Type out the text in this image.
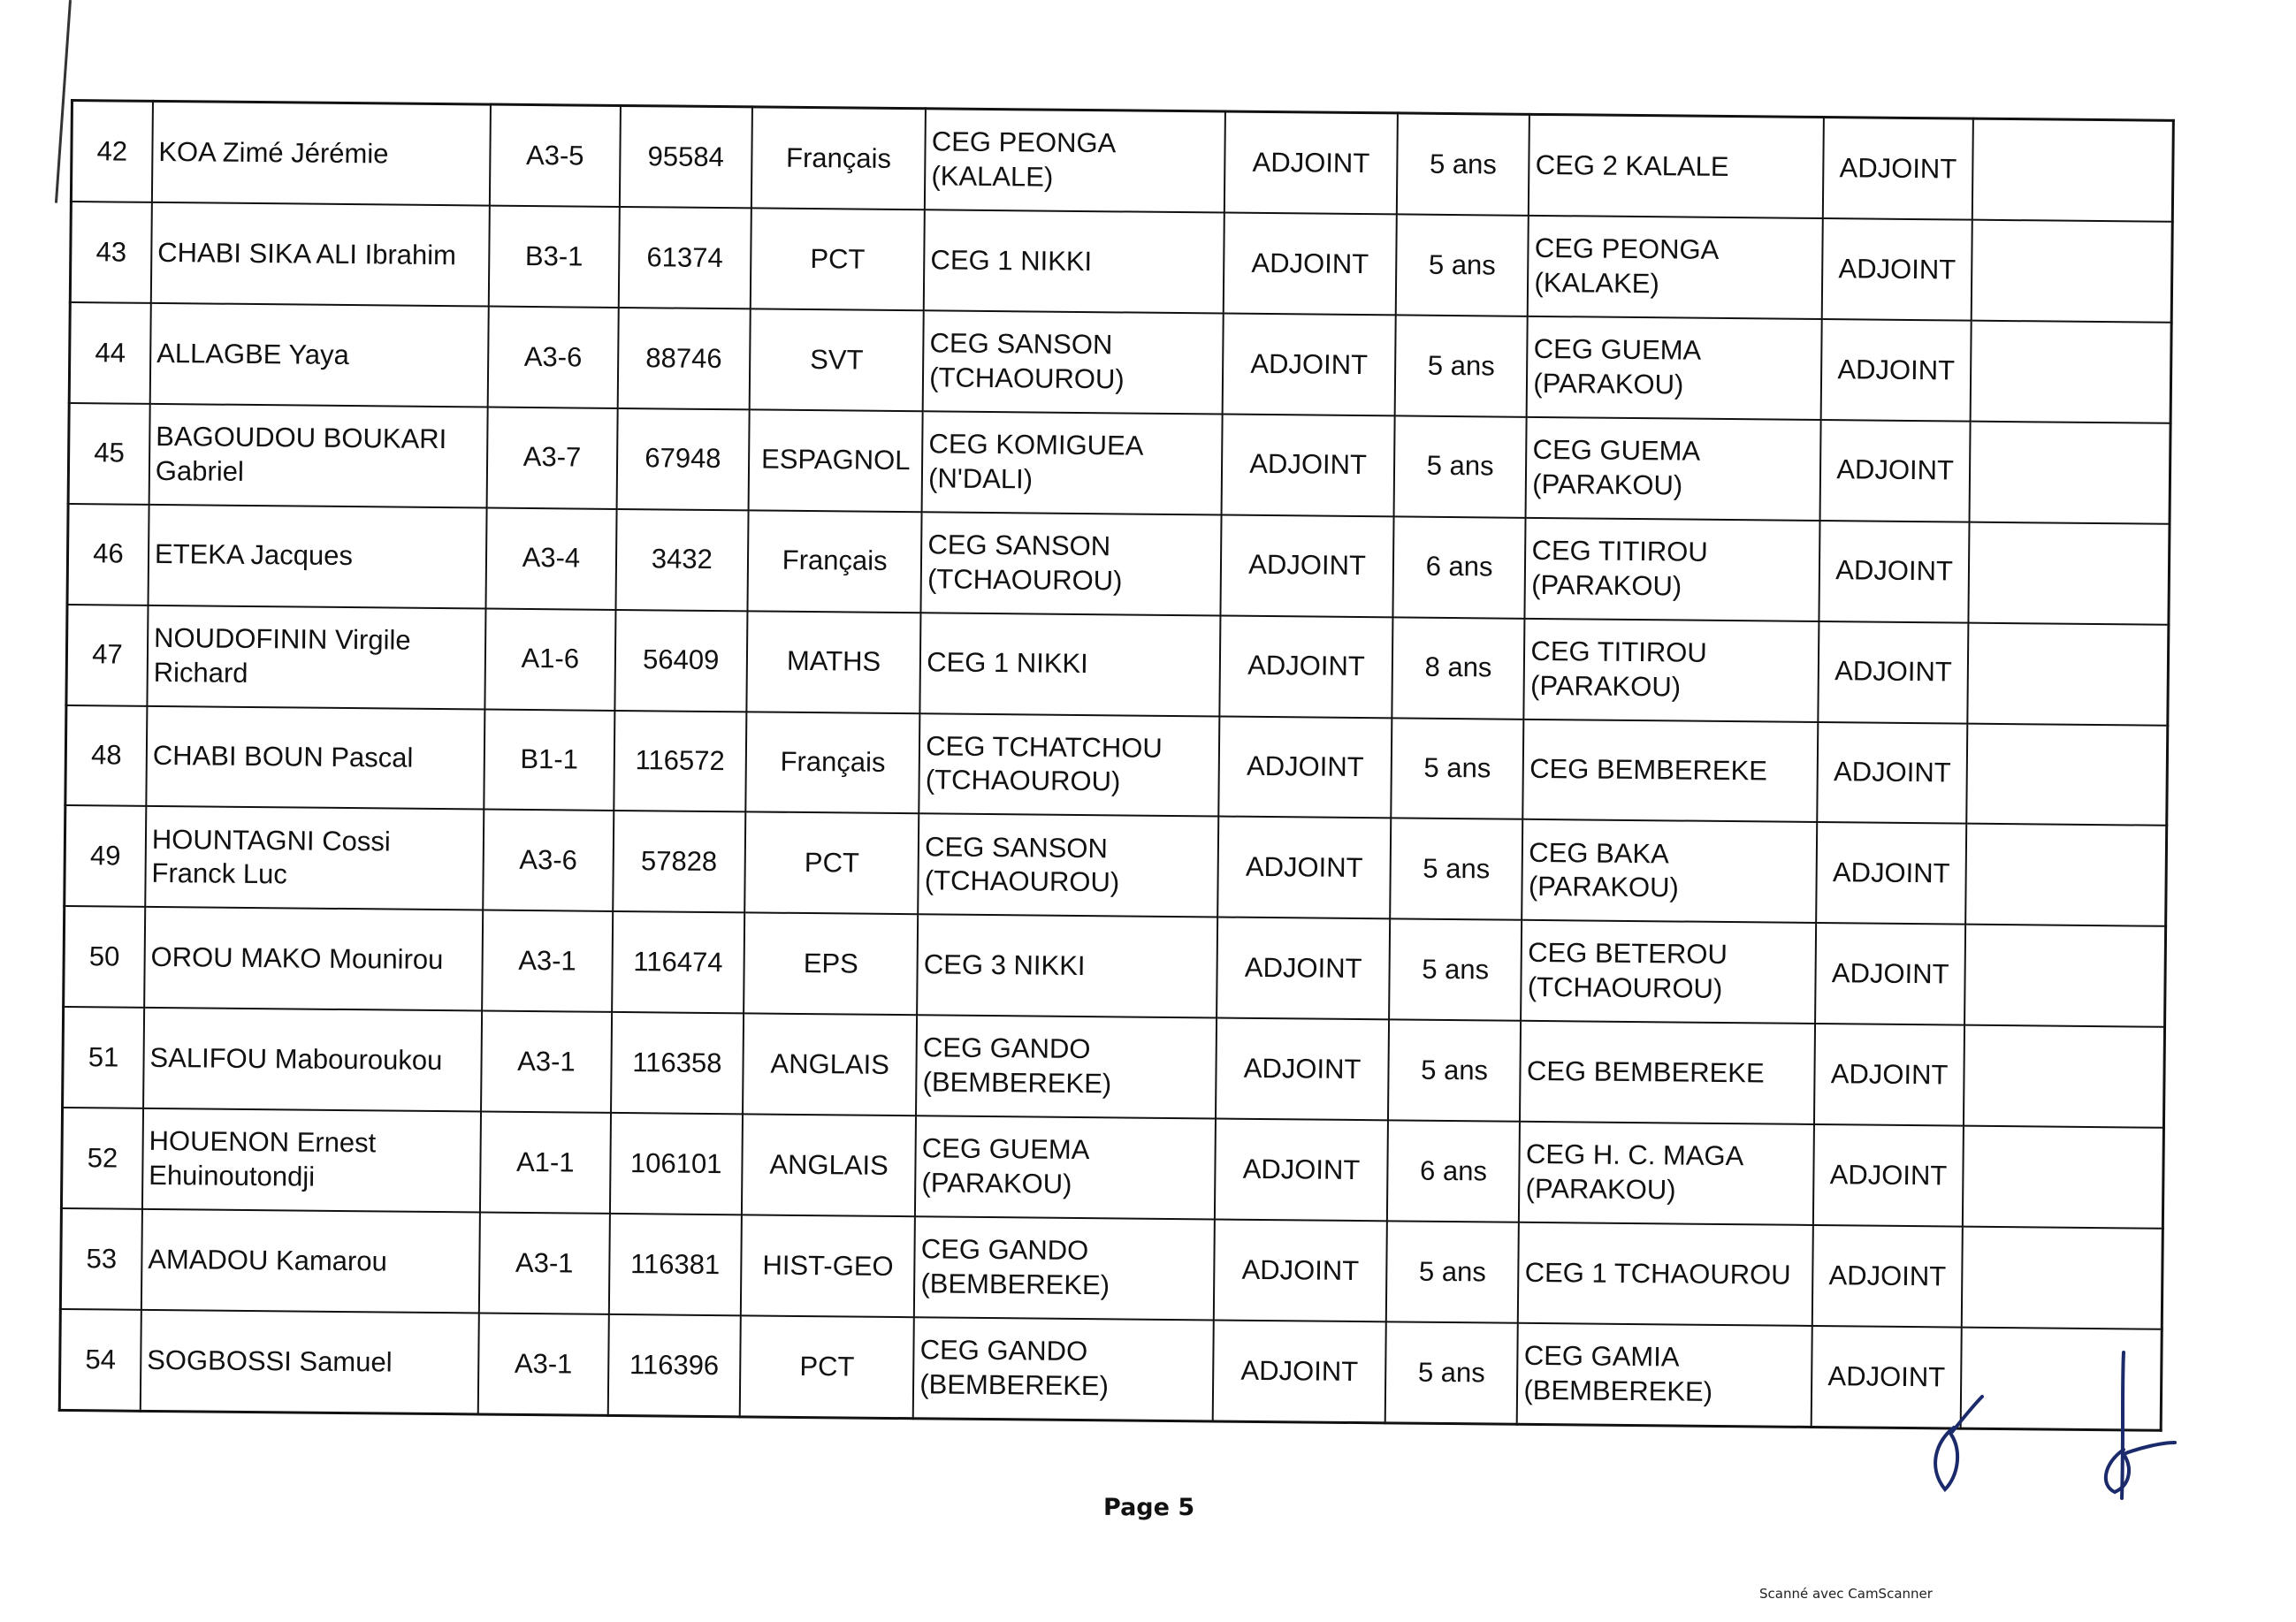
42	KOA Zimé Jérémie	A3-5	95584	Français	CEG PEONGA (KALALE)	ADJOINT	5 ans	CEG 2 KALALE	ADJOINT	
43	CHABI SIKA ALI Ibrahim	B3-1	61374	PCT	CEG 1 NIKKI	ADJOINT	5 ans	CEG PEONGA (KALAKE)	ADJOINT	
44	ALLAGBE Yaya	A3-6	88746	SVT	CEG SANSON (TCHAOUROU)	ADJOINT	5 ans	CEG GUEMA (PARAKOU)	ADJOINT	
45	BAGOUDOU BOUKARI Gabriel	A3-7	67948	ESPAGNOL	CEG KOMIGUEA (N'DALI)	ADJOINT	5 ans	CEG GUEMA (PARAKOU)	ADJOINT	
46	ETEKA Jacques	A3-4	3432	Français	CEG SANSON (TCHAOUROU)	ADJOINT	6 ans	CEG TITIROU (PARAKOU)	ADJOINT	
47	NOUDOFININ Virgile Richard	A1-6	56409	MATHS	CEG 1 NIKKI	ADJOINT	8 ans	CEG TITIROU (PARAKOU)	ADJOINT	
48	CHABI BOUN Pascal	B1-1	116572	Français	CEG TCHATCHOU (TCHAOUROU)	ADJOINT	5 ans	CEG BEMBEREKE	ADJOINT	
49	HOUNTAGNI Cossi Franck Luc	A3-6	57828	PCT	CEG SANSON (TCHAOUROU)	ADJOINT	5 ans	CEG BAKA (PARAKOU)	ADJOINT	
50	OROU MAKO Mounirou	A3-1	116474	EPS	CEG 3 NIKKI	ADJOINT	5 ans	CEG BETEROU (TCHAOUROU)	ADJOINT	
51	SALIFOU Mabouroukou	A3-1	116358	ANGLAIS	CEG GANDO (BEMBEREKE)	ADJOINT	5 ans	CEG BEMBEREKE	ADJOINT	
52	HOUENON Ernest Ehuinoutondji	A1-1	106101	ANGLAIS	CEG GUEMA (PARAKOU)	ADJOINT	6 ans	CEG H. C. MAGA (PARAKOU)	ADJOINT	
53	AMADOU Kamarou	A3-1	116381	HIST-GEO	CEG GANDO (BEMBEREKE)	ADJOINT	5 ans	CEG 1 TCHAOUROU	ADJOINT	
54	SOGBOSSI Samuel	A3-1	116396	PCT	CEG GANDO (BEMBEREKE)	ADJOINT	5 ans	CEG GAMIA (BEMBEREKE)	ADJOINT	
Page 5
Scanné avec CamScanner
